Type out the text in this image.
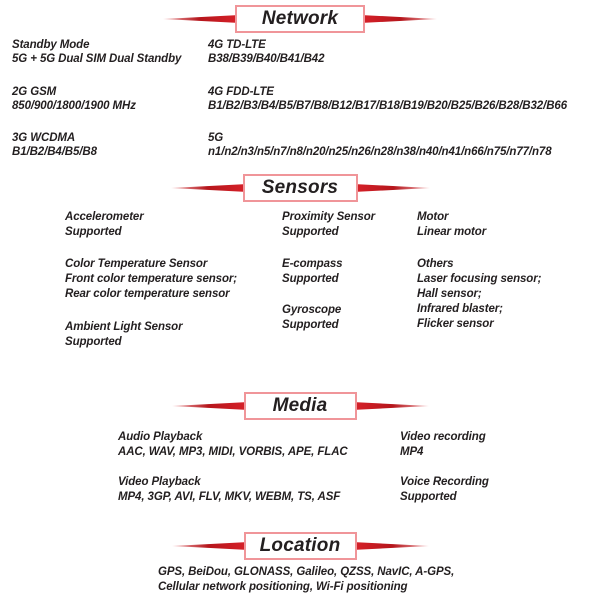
Network
Standby Mode
5G + 5G Dual SIM Dual Standby
2G GSM
850/900/1800/1900 MHz
3G WCDMA
B1/B2/B4/B5/B8
4G TD-LTE
B38/B39/B40/B41/B42
4G FDD-LTE
B1/B2/B3/B4/B5/B7/B8/B12/B17/B18/B19/B20/B25/B26/B28/B32/B66
5G
n1/n2/n3/n5/n7/n8/n20/n25/n26/n28/n38/n40/n41/n66/n75/n77/n78
Sensors
Accelerometer
Supported
Color Temperature Sensor
Front color temperature sensor;
Rear color temperature sensor
Ambient Light Sensor
Supported
Proximity Sensor
Supported
E-compass
Supported
Gyroscope
Supported
Motor
Linear motor
Others
Laser focusing sensor;
Hall sensor;
Infrared blaster;
Flicker sensor
Media
Audio Playback
AAC, WAV, MP3, MIDI, VORBIS, APE, FLAC
Video Playback
MP4, 3GP, AVI, FLV, MKV, WEBM, TS, ASF
Video recording
MP4
Voice Recording
Supported
Location
GPS, BeiDou, GLONASS, Galileo, QZSS, NavIC, A-GPS,
Cellular network positioning, Wi-Fi positioning
